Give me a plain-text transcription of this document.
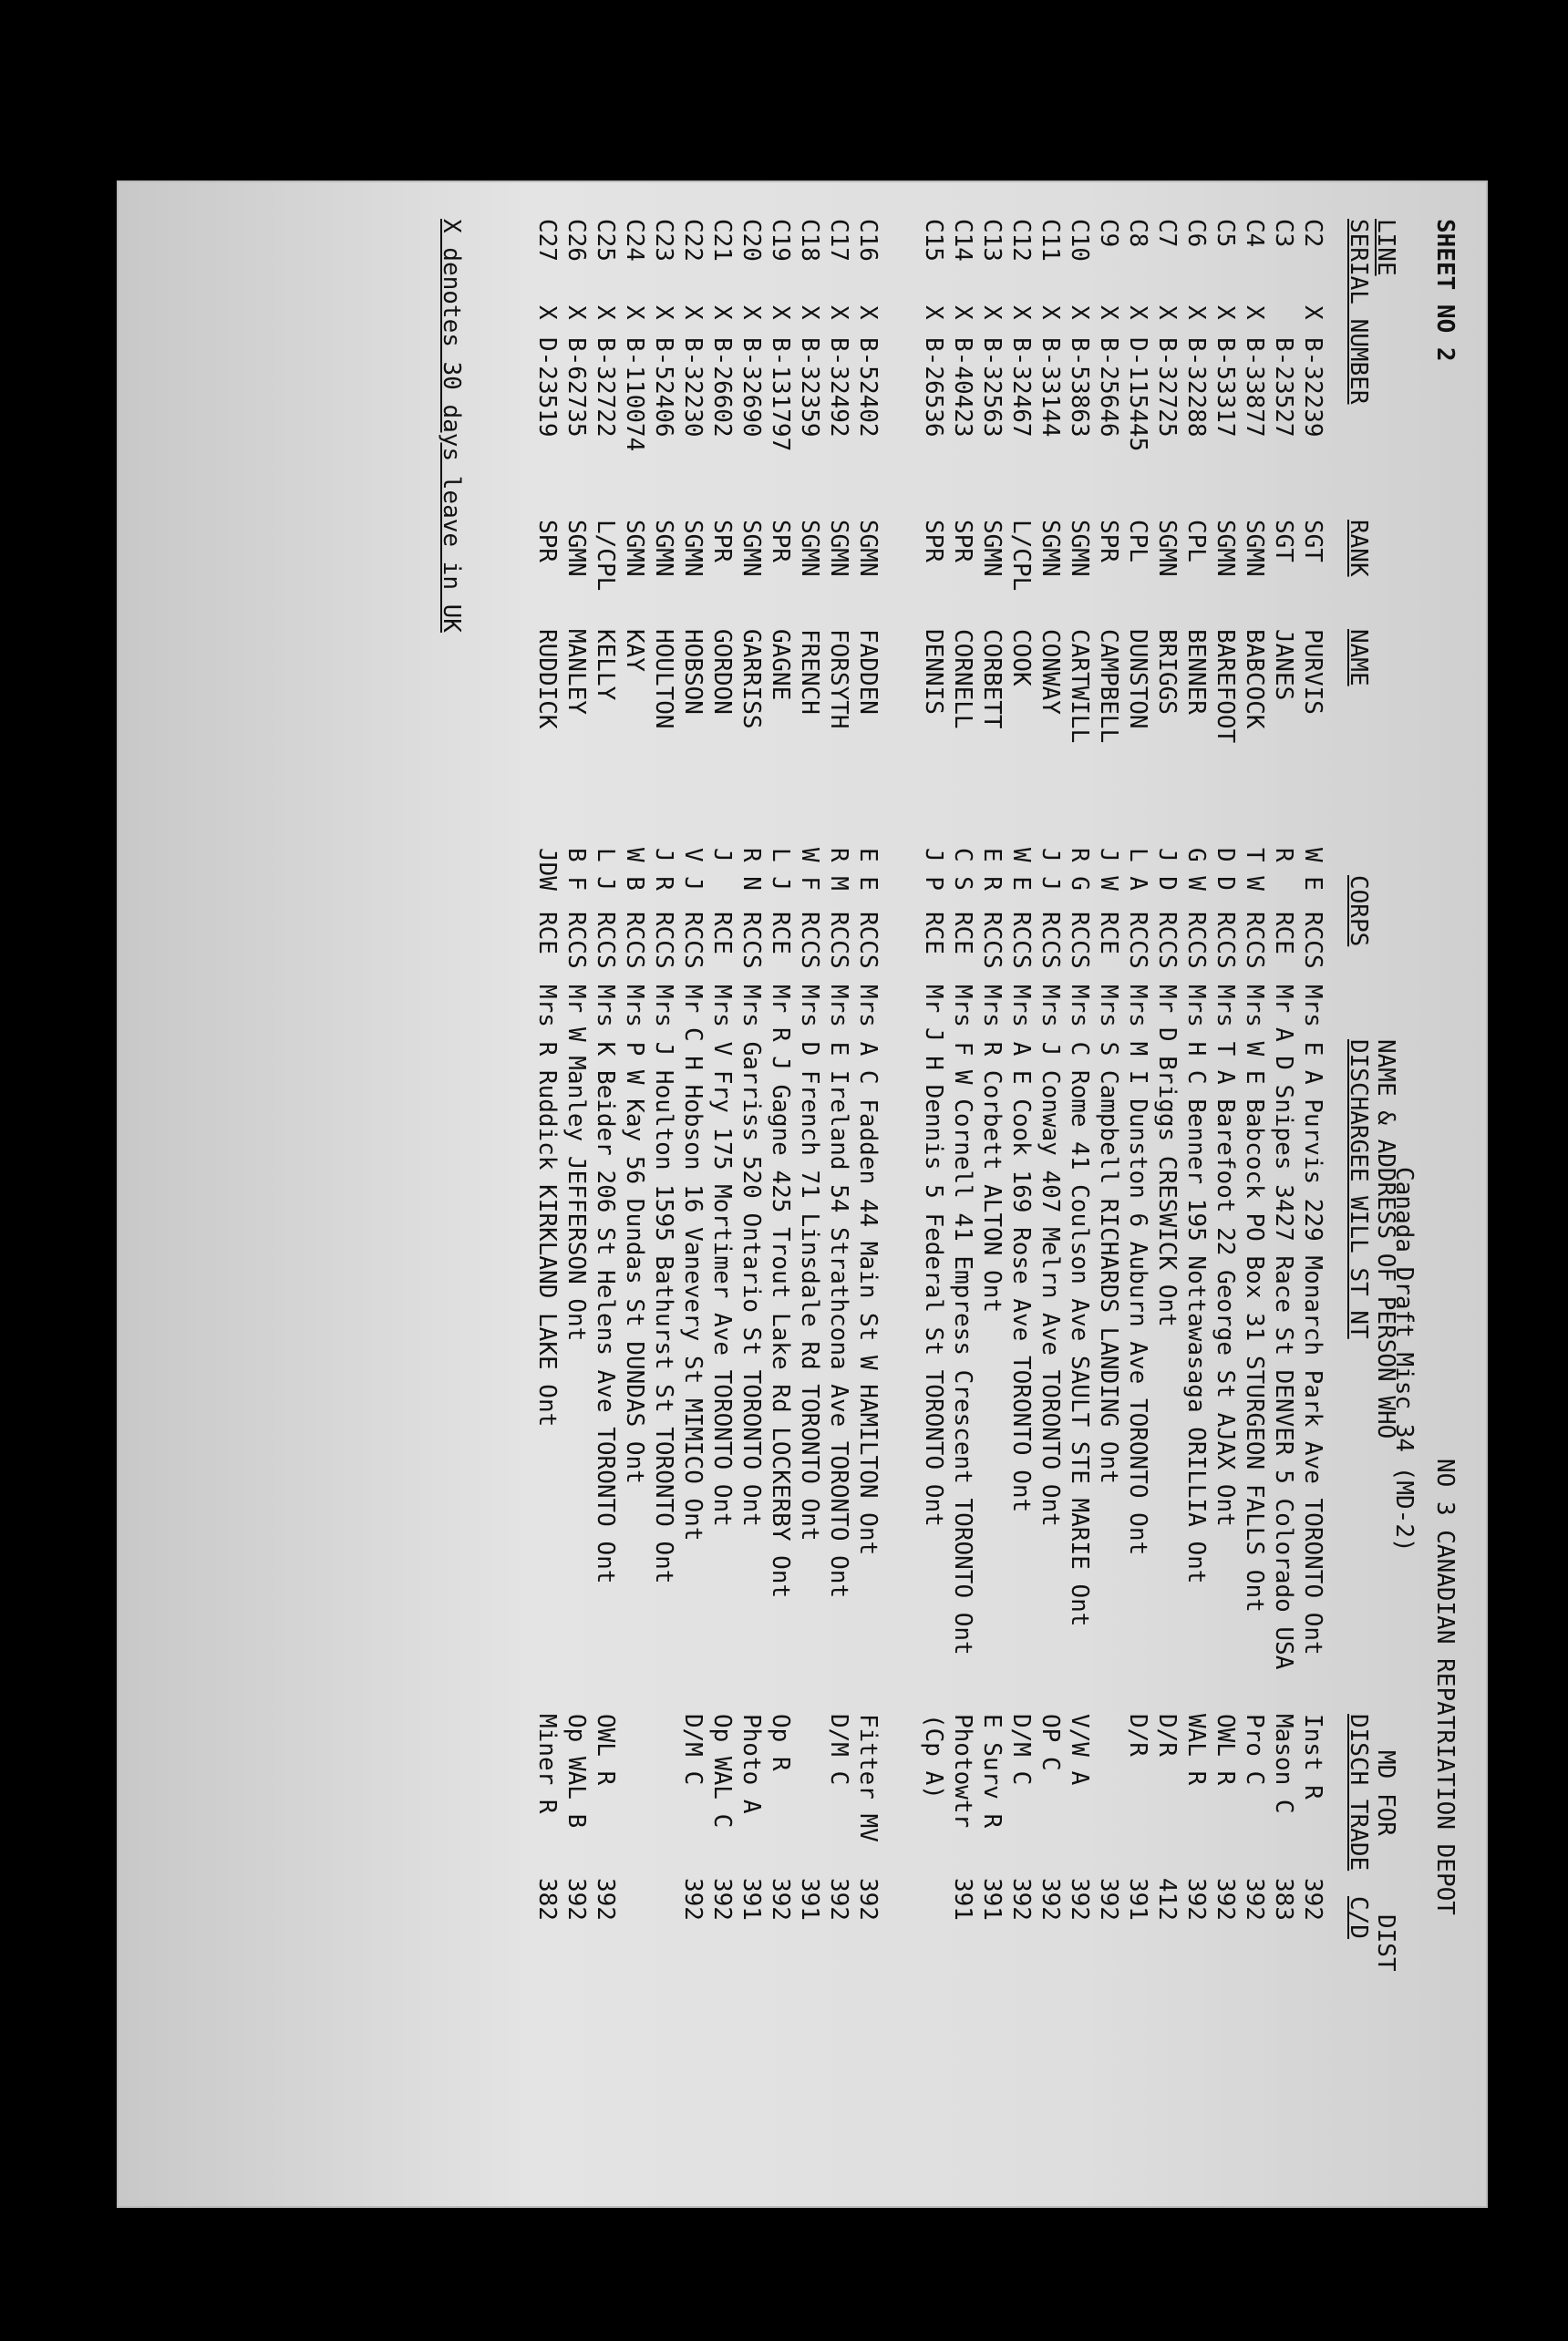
SHEET NO 2
NO 3 CANADIAN REPATRIATION DEPOT
Canada Draft Misc 34 (MD-2)
LINE
SERIAL NUMBER
RANK
NAME
CORPS
NAME & ADDRESS OF PERSON WHO
DISCHARGEE WILL ST NT
MD FOR
DISCH TRADE
DIST
C/D
C2
X
B-32239
SGT
PURVIS
W E
RCCS
Mrs E A Purvis 229 Monarch Park Ave TORONTO Ont
Inst R
392
C3
B-23527
SGT
JANES
R
RCE
Mr A D Snipes 3427 Race St DENVER 5 Colorado USA
Mason C
383
C4
X
B-33877
SGMN
BABCOCK
T W
RCCS
Mrs W E Babcock PO Box 31 STURGEON FALLS Ont
Pro C
392
C5
X
B-53317
SGMN
BAREFOOT
D D
RCCS
Mrs T A Barefoot 22 George St AJAX Ont
OWL R
392
C6
X
B-32288
CPL
BENNER
G W
RCCS
Mrs H C Benner 195 Nottawasaga ORILLIA Ont
WAL R
392
C7
X
B-32725
SGMN
BRIGGS
J D
RCCS
Mr D Briggs CRESWICK Ont
D/R
412
C8
X
D-115445
CPL
DUNSTON
L A
RCCS
Mrs M I Dunston 6 Auburn Ave TORONTO Ont
D/R
391
C9
X
B-25646
SPR
CAMPBELL
J W
RCE
Mrs S Campbell RICHARDS LANDING Ont
392
C10
X
B-53863
SGMN
CARTWILL
R G
RCCS
Mrs C Rome 41 Coulson Ave SAULT STE MARIE Ont
V/W A
392
C11
X
B-33144
SGMN
CONWAY
J J
RCCS
Mrs J Conway 407 Melrn Ave TORONTO Ont
OP C
392
C12
X
B-32467
L/CPL
COOK
W E
RCCS
Mrs A E Cook 169 Rose Ave TORONTO Ont
D/M C
392
C13
X
B-32563
SGMN
CORBETT
E R
RCCS
Mrs R Corbett ALTON Ont
E Surv R
391
C14
X
B-40423
SPR
CORNELL
C S
RCE
Mrs F W Cornell 41 Empress Crescent TORONTO Ont
Photowtr
391
C15
X
B-26536
SPR
DENNIS
J P
RCE
Mr J H Dennis 5 Federal St TORONTO Ont
(Cp A)
C16
X
B-52402
SGMN
FADDEN
E E
RCCS
Mrs A C Fadden 44 Main St W HAMILTON Ont
Fitter MV
392
C17
X
B-32492
SGMN
FORSYTH
R M
RCCS
Mrs E Ireland 54 Strathcona Ave TORONTO Ont
D/M C
392
C18
X
B-32359
SGMN
FRENCH
W F
RCCS
Mrs D French 71 Linsdale Rd TORONTO Ont
391
C19
X
B-131797
SPR
GAGNE
L J
RCE
Mr R J Gagne 425 Trout Lake Rd LOCKERBY Ont
Op R
392
C20
X
B-32690
SGMN
GARRISS
R N
RCCS
Mrs Garriss 520 Ontario St TORONTO Ont
Photo A
391
C21
X
B-26602
SPR
GORDON
J
RCE
Mrs V Fry 175 Mortimer Ave TORONTO Ont
Op WAL C
392
C22
X
B-32230
SGMN
HOBSON
V J
RCCS
Mr C H Hobson 16 Vanevery St MIMICO Ont
D/M C
392
C23
X
B-52406
SGMN
HOULTON
J R
RCCS
Mrs J Houlton 1595 Bathurst St TORONTO Ont
C24
X
B-110074
SGMN
KAY
W B
RCCS
Mrs P W Kay 56 Dundas St DUNDAS Ont
C25
X
B-32722
L/CPL
KELLY
L J
RCCS
Mrs K Beider 206 St Helens Ave TORONTO Ont
OWL R
392
C26
X
B-62735
SGMN
MANLEY
B F
RCCS
Mr W Manley JEFFERSON Ont
Op WAL B
392
C27
X
D-23519
SPR
RUDDICK
JDW
RCE
Mrs R Ruddick KIRKLAND LAKE Ont
Miner R
382
X denotes 30 days leave in UK
